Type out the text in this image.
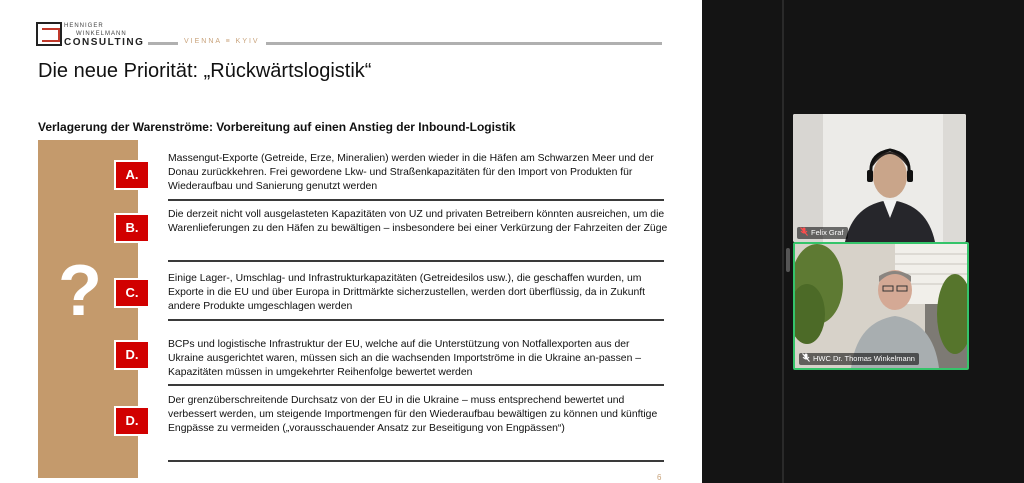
HENNIGER
WINKELMANN
CONSULTING	VIENNA ≡ KYIV
Die neue Priorität: „Rückwärtslogistik“
Verlagerung der Warenströme: Vorbereitung auf einen Anstieg der Inbound-Logistik
?
A.
Massengut-Exporte (Getreide, Erze, Mineralien) werden wieder in die Häfen am Schwarzen Meer und der Donau zurückkehren. Frei gewordene Lkw- und Straßenkapazitäten für den Import von Produkten für Wiederaufbau und Sanierung genutzt werden
B.
Die derzeit nicht voll ausgelasteten Kapazitäten von UZ und privaten Betreibern könnten ausreichen, um die Warenlieferungen zu den Häfen zu bewältigen – insbesondere bei einer Verkürzung der Fahrzeiten der Züge
C.
Einige Lager-, Umschlag- und Infrastrukturkapazitäten (Getreidesilos usw.), die geschaffen wurden, um Exporte in die EU und über Europa in Drittmärkte sicherzustellen, werden dort überflüssig, da in Zukunft andere Produkte umgeschlagen werden
D.
BCPs und logistische Infrastruktur der EU, welche auf die Unterstützung von Notfallexporten aus der Ukraine ausgerichtet waren, müssen sich an die wachsenden Importströme in die Ukraine an-passen – Kapazitäten müssen in umgekehrter Reihenfolge bewertet werden
D.
Der grenzüberschreitende Durchsatz von der EU in die Ukraine – muss entsprechend bewertet und verbessert werden, um steigende Importmengen für den Wiederaufbau bewältigen zu können und künftige Engpässe zu vermeiden („vorausschauender Ansatz zur Beseitigung von Engpässen“)
6
Felix Graf
HWC Dr. Thomas Winkelmann
